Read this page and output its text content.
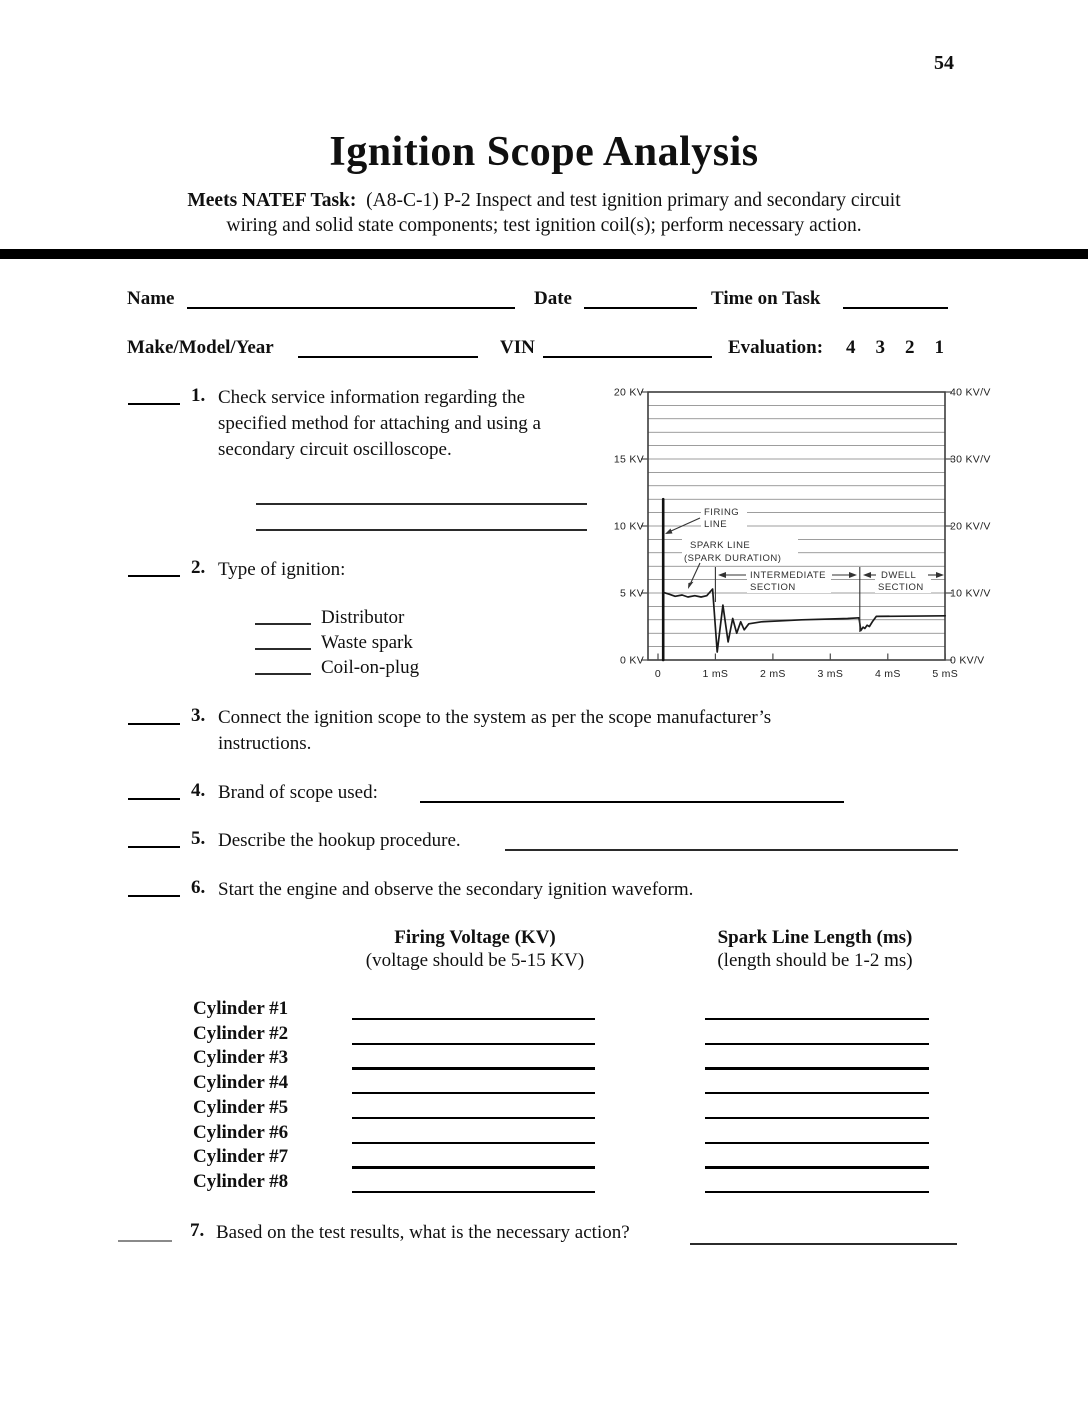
54
Ignition Scope Analysis
Meets NATEF Task: (A8-C-1) P-2 Inspect and test ignition primary and secondary circuit
wiring and solid state components; test ignition coil(s); perform necessary action.
Name	Date	Time on Task
Make/Model/Year	VIN	Evaluation: 4 3 2 1
1. Check service information regarding the specified method for attaching and using a secondary circuit oscilloscope.
FIRING
LINE
SPARK LINE
(SPARK DURATION)
INTERMEDIATE
SECTION
DWELL
SECTION
20 KV
15 KV
10 KV
5 KV
0 KV
40 KV/V
30 KV/V
20 KV/V
10 KV/V
0 KV/V
0	1 mS	2 mS	3 mS	4 mS	5 mS
2. Type of ignition:
Distributor
Waste spark
Coil-on-plug
3. Connect the ignition scope to the system as per the scope manufacturer’s instructions.
4. Brand of scope used:
5. Describe the hookup procedure.
6. Start the engine and observe the secondary ignition waveform.
Firing Voltage (KV)
(voltage should be 5-15 KV)
Spark Line Length (ms)
(length should be 1-2 ms)
Cylinder #1
Cylinder #2
Cylinder #3
Cylinder #4
Cylinder #5
Cylinder #6
Cylinder #7
Cylinder #8
7. Based on the test results, what is the necessary action?
